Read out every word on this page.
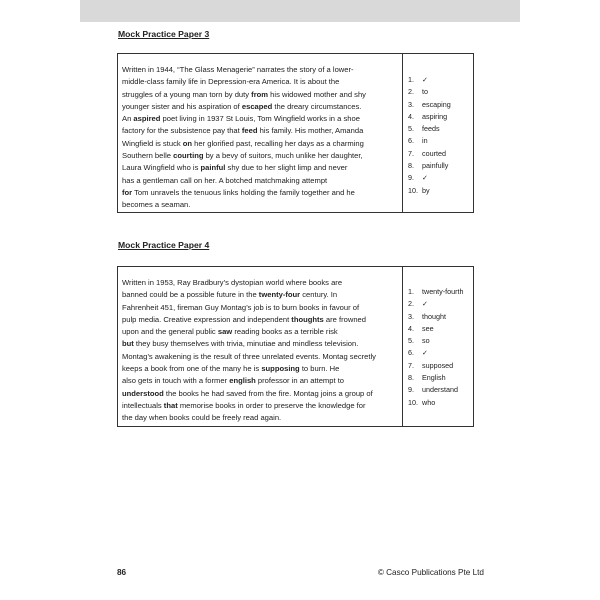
Mock Practice Paper 3
Written in 1944, “The Glass Menagerie” narrates the story of a lower-
middle-class family life in Depression-era America. It is about the
struggles of a young man torn by duty from his widowed mother and shy
younger sister and his aspiration of escaped the dreary circumstances.
An aspired poet living in 1937 St Louis, Tom Wingfield works in a shoe
factory for the subsistence pay that feed his family. His mother, Amanda
Wingfield is stuck on her glorified past, recalling her days as a charming
Southern belle courting by a bevy of suitors, much unlike her daughter,
Laura Wingfield who is painful shy due to her slight limp and never
has a gentleman call on her. A botched matchmaking attempt
for Tom unravels the tenuous links holding the family together and he
becomes a seaman.
1. ✓
2. to
3. escaping
4. aspiring
5. feeds
6. in
7. courted
8. painfully
9. ✓
10. by
Mock Practice Paper 4
Written in 1953, Ray Bradbury’s dystopian world where books are
banned could be a possible future in the twenty-four century. In
Fahrenheit 451, fireman Guy Montag’s job is to burn books in favour of
pulp media. Creative expression and independent thoughts are frowned
upon and the general public saw reading books as a terrible risk
but they busy themselves with trivia, minutiae and mindless television.
Montag’s awakening is the result of three unrelated events. Montag secretly
keeps a book from one of the many he is supposing to burn. He
also gets in touch with a former english professor in an attempt to
understood the books he had saved from the fire. Montag joins a group of
intellectuals that memorise books in order to preserve the knowledge for
the day when books could be freely read again.
1. twenty-fourth
2. ✓
3. thought
4. see
5. so
6. ✓
7. supposed
8. English
9. understand
10. who
86	© Casco Publications Pte Ltd
